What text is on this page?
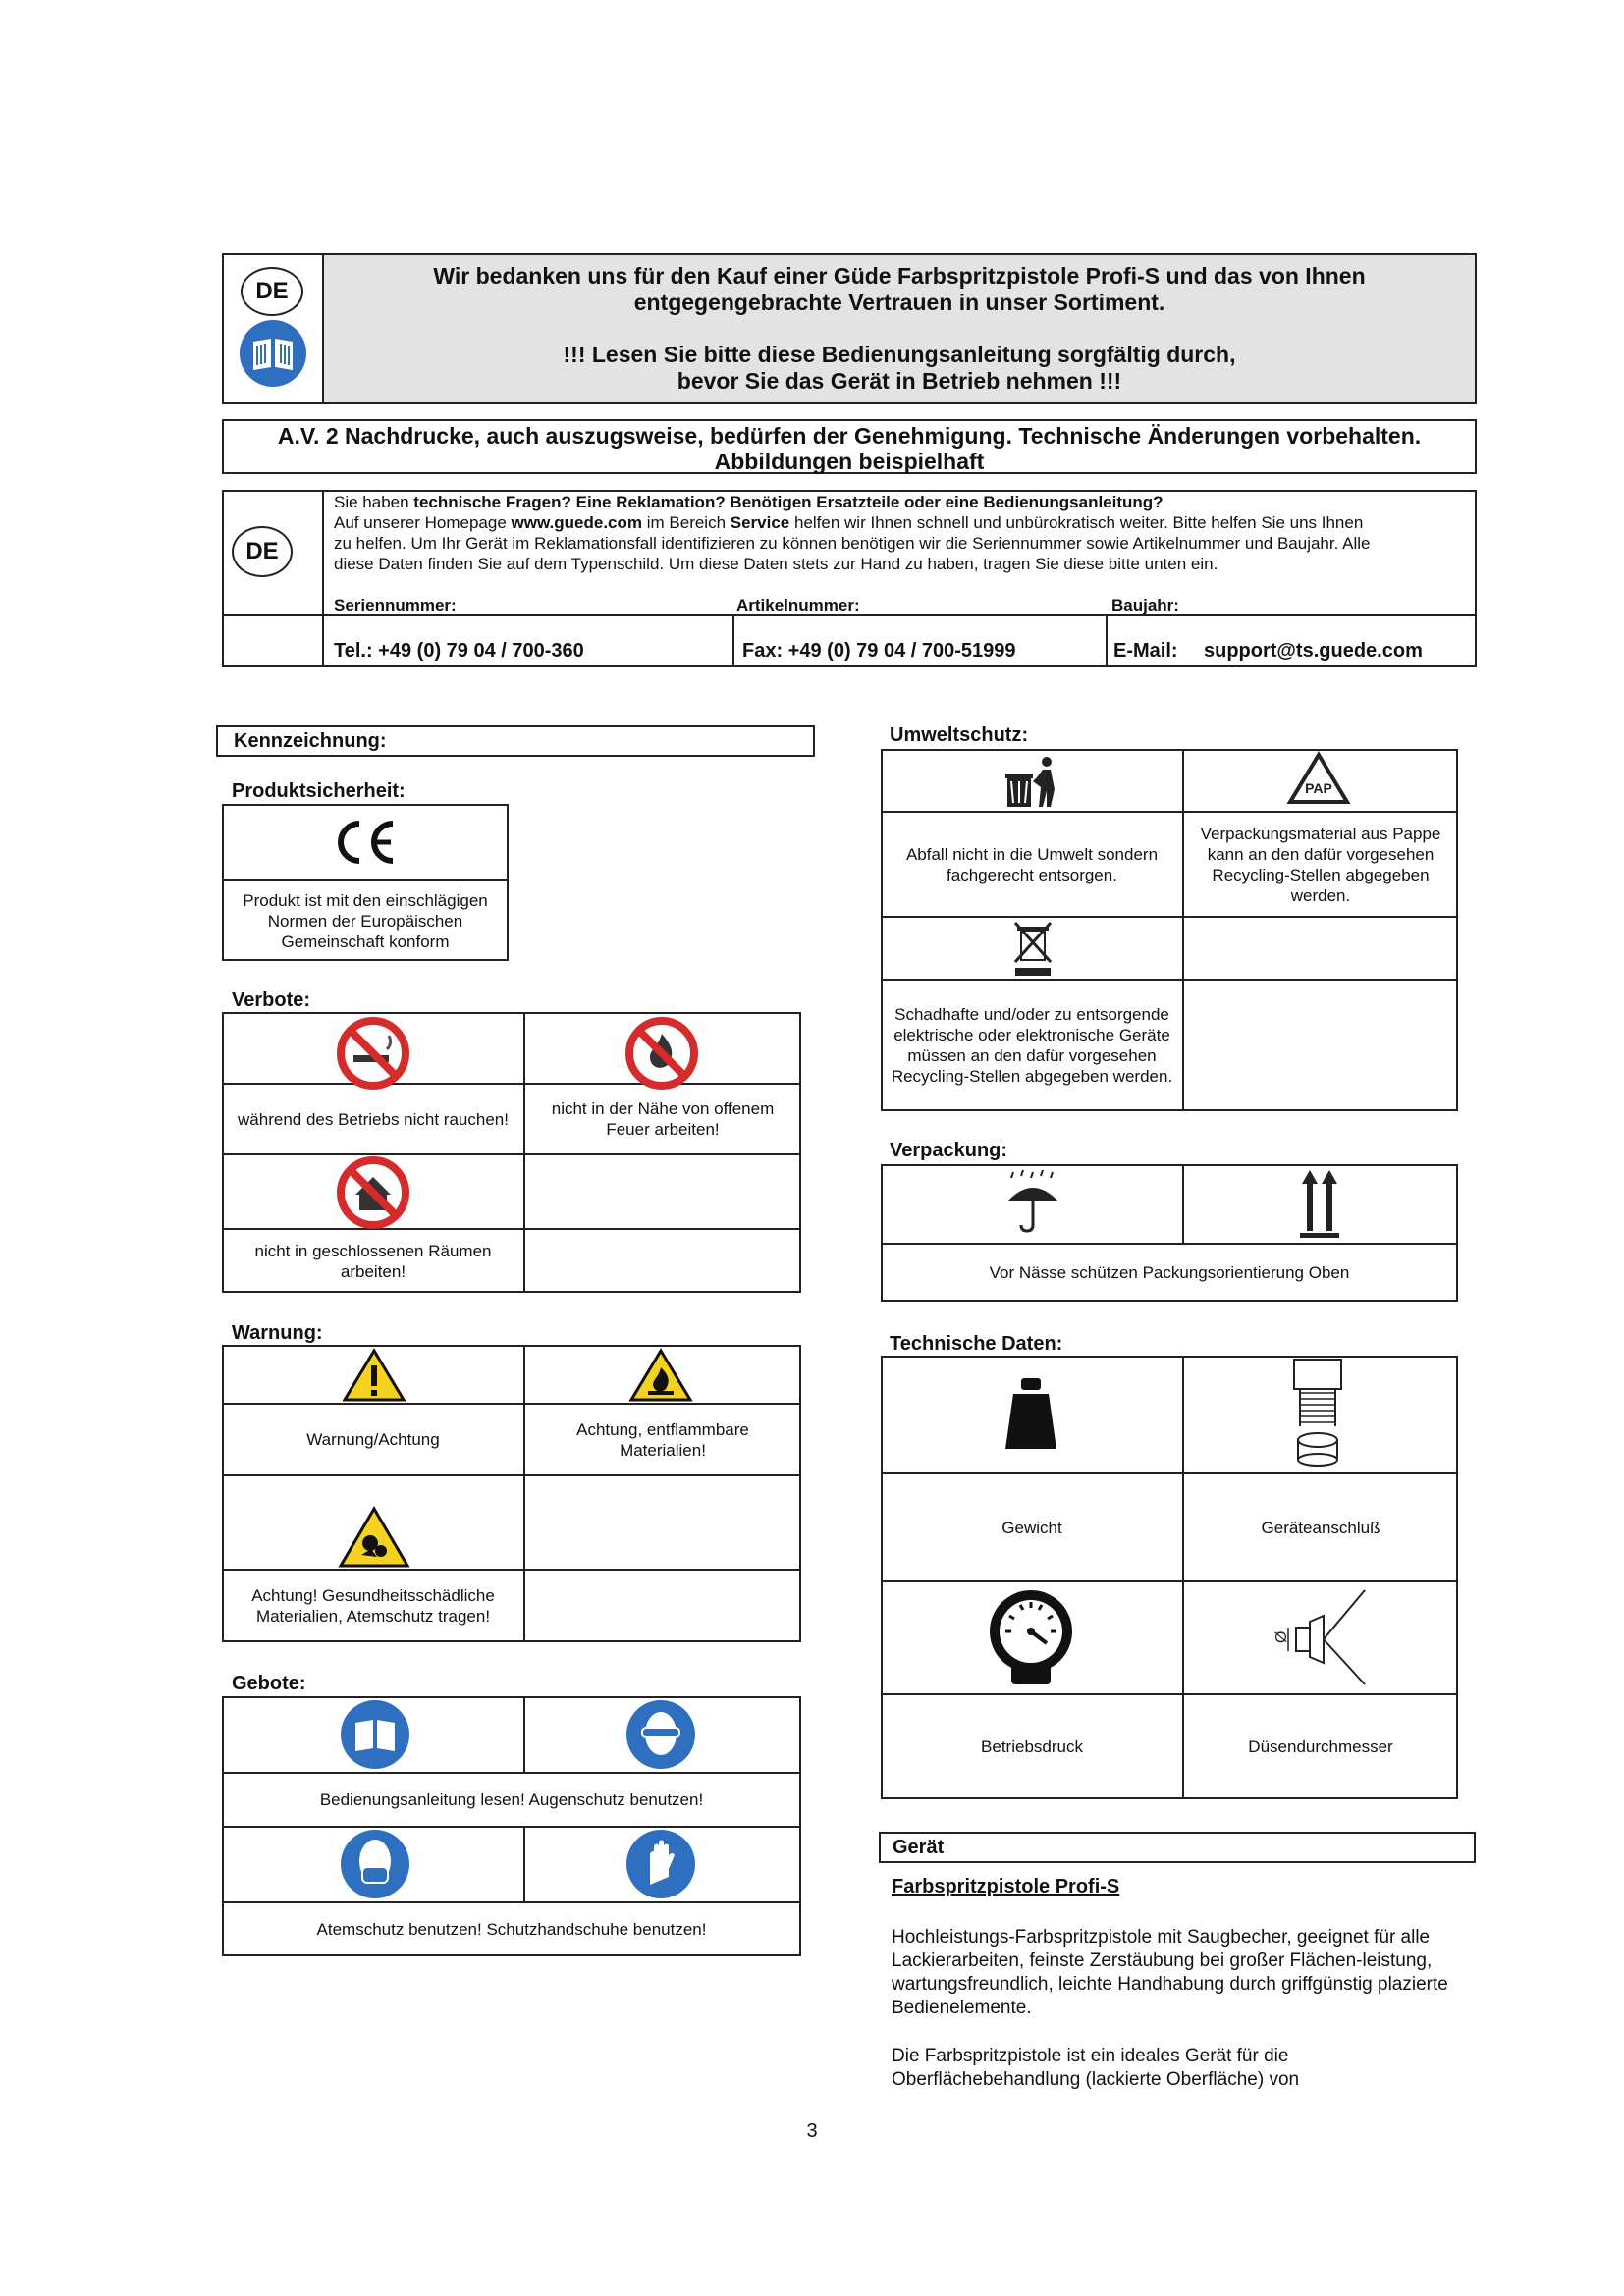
DE
Wir bedanken uns für den Kauf einer Güde Farbspritzpistole Profi-S und das von Ihnen
entgegengebrachte Vertrauen in unser Sortiment.
!!! Lesen Sie bitte diese Bedienungsanleitung sorgfältig durch,
bevor Sie das Gerät in Betrieb nehmen !!!
A.V. 2 Nachdrucke, auch auszugsweise, bedürfen der Genehmigung. Technische Änderungen vorbehalten.
Abbildungen beispielhaft
DE
Sie haben technische Fragen? Eine Reklamation? Benötigen Ersatzteile oder eine Bedienungsanleitung?
Auf unserer Homepage www.guede.com im Bereich Service helfen wir Ihnen schnell und unbürokratisch weiter. Bitte helfen Sie uns Ihnen
zu helfen. Um Ihr Gerät im Reklamationsfall identifizieren zu können benötigen wir die Seriennummer sowie Artikelnummer und Baujahr. Alle
diese Daten finden Sie auf dem Typenschild. Um diese Daten stets zur Hand zu haben, tragen Sie diese bitte unten ein.
Seriennummer:	Artikelnummer:	Baujahr:
Tel.: +49 (0) 79 04 / 700-360	Fax: +49 (0) 79 04 / 700-51999	E-Mail: support@ts.guede.com
Kennzeichnung:
Produktsicherheit:
Produkt ist mit den einschlägigen Normen der Europäischen Gemeinschaft konform
Verbote:
während des Betriebs nicht rauchen!
nicht in der Nähe von offenem Feuer arbeiten!
nicht in geschlossenen Räumen arbeiten!
Warnung:
Warnung/Achtung
Achtung, entflammbare Materialien!
Achtung! Gesundheitsschädliche Materialien, Atemschutz tragen!
Gebote:
Bedienungsanleitung lesen! Augenschutz benutzen!
Atemschutz benutzen! Schutzhandschuhe benutzen!
Umweltschutz:
PAP
Abfall nicht in die Umwelt sondern fachgerecht entsorgen.
Verpackungsmaterial aus Pappe kann an den dafür vorgesehen Recycling-Stellen abgegeben werden.
Schadhafte und/oder zu entsorgende elektrische oder elektronische Geräte müssen an den dafür vorgesehen Recycling-Stellen abgegeben werden.
Verpackung:
Vor Nässe schützen Packungsorientierung Oben
Technische Daten:
Ø
Gewicht	Geräteanschluß
Betriebsdruck	Düsendurchmesser
Gerät
Farbspritzpistole Profi-S
Hochleistungs-Farbspritzpistole mit Saugbecher, geeignet für alle Lackierarbeiten, feinste Zerstäubung bei großer Flächen-leistung, wartungsfreundlich, leichte Handhabung durch griffgünstig plazierte Bedienelemente.
Die Farbspritzpistole ist ein ideales Gerät für die Oberflächebehandlung (lackierte Oberfläche) von
3
